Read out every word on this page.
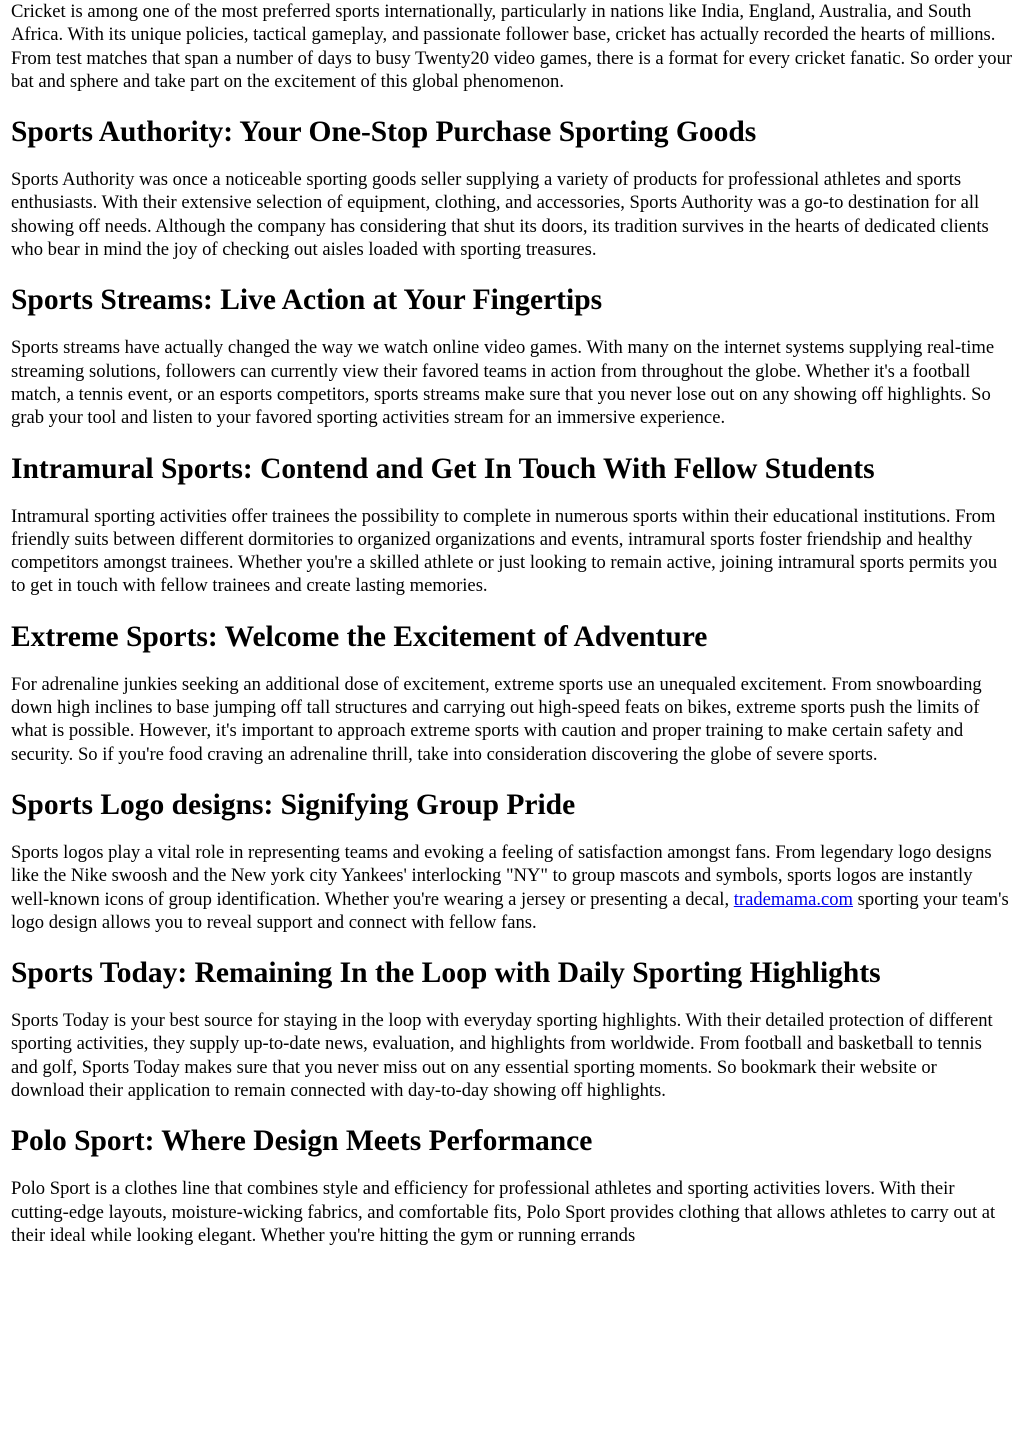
Cricket is among one of the most preferred sports internationally, particularly in nations like India, England, Australia, and South Africa. With its unique policies, tactical gameplay, and passionate follower base, cricket has actually recorded the hearts of millions. From test matches that span a number of days to busy Twenty20 video games, there is a format for every cricket fanatic. So order your bat and sphere and take part on the excitement of this global phenomenon.

Sports Authority: Your One-Stop Purchase Sporting Goods

Sports Authority was once a noticeable sporting goods seller supplying a variety of products for professional athletes and sports enthusiasts. With their extensive selection of equipment, clothing, and accessories, Sports Authority was a go-to destination for all showing off needs. Although the company has considering that shut its doors, its tradition survives in the hearts of dedicated clients who bear in mind the joy of checking out aisles loaded with sporting treasures.

Sports Streams: Live Action at Your Fingertips

Sports streams have actually changed the way we watch online video games. With many on the internet systems supplying real-time streaming solutions, followers can currently view their favored teams in action from throughout the globe. Whether it's a football match, a tennis event, or an esports competitors, sports streams make sure that you never lose out on any showing off highlights. So grab your tool and listen to your favored sporting activities stream for an immersive experience.

Intramural Sports: Contend and Get In Touch With Fellow Students

Intramural sporting activities offer trainees the possibility to complete in numerous sports within their educational institutions. From friendly suits between different dormitories to organized organizations and events, intramural sports foster friendship and healthy competitors amongst trainees. Whether you're a skilled athlete or just looking to remain active, joining intramural sports permits you to get in touch with fellow trainees and create lasting memories.

Extreme Sports: Welcome the Excitement of Adventure

For adrenaline junkies seeking an additional dose of excitement, extreme sports use an unequaled excitement. From snowboarding down high inclines to base jumping off tall structures and carrying out high-speed feats on bikes, extreme sports push the limits of what is possible. However, it's important to approach extreme sports with caution and proper training to make certain safety and security. So if you're food craving an adrenaline thrill, take into consideration discovering the globe of severe sports.

Sports Logo designs: Signifying Group Pride

Sports logos play a vital role in representing teams and evoking a feeling of satisfaction amongst fans. From legendary logo designs like the Nike swoosh and the New york city Yankees' interlocking "NY" to group mascots and symbols, sports logos are instantly well-known icons of group identification. Whether you're wearing a jersey or presenting a decal, trademama.com sporting your team's logo design allows you to reveal support and connect with fellow fans.

Sports Today: Remaining In the Loop with Daily Sporting Highlights

Sports Today is your best source for staying in the loop with everyday sporting highlights. With their detailed protection of different sporting activities, they supply up-to-date news, evaluation, and highlights from worldwide. From football and basketball to tennis and golf, Sports Today makes sure that you never miss out on any essential sporting moments. So bookmark their website or download their application to remain connected with day-to-day showing off highlights.

Polo Sport: Where Design Meets Performance

Polo Sport is a clothes line that combines style and efficiency for professional athletes and sporting activities lovers. With their cutting-edge layouts, moisture-wicking fabrics, and comfortable fits, Polo Sport provides clothing that allows athletes to carry out at their ideal while looking elegant. Whether you're hitting the gym or running errands
